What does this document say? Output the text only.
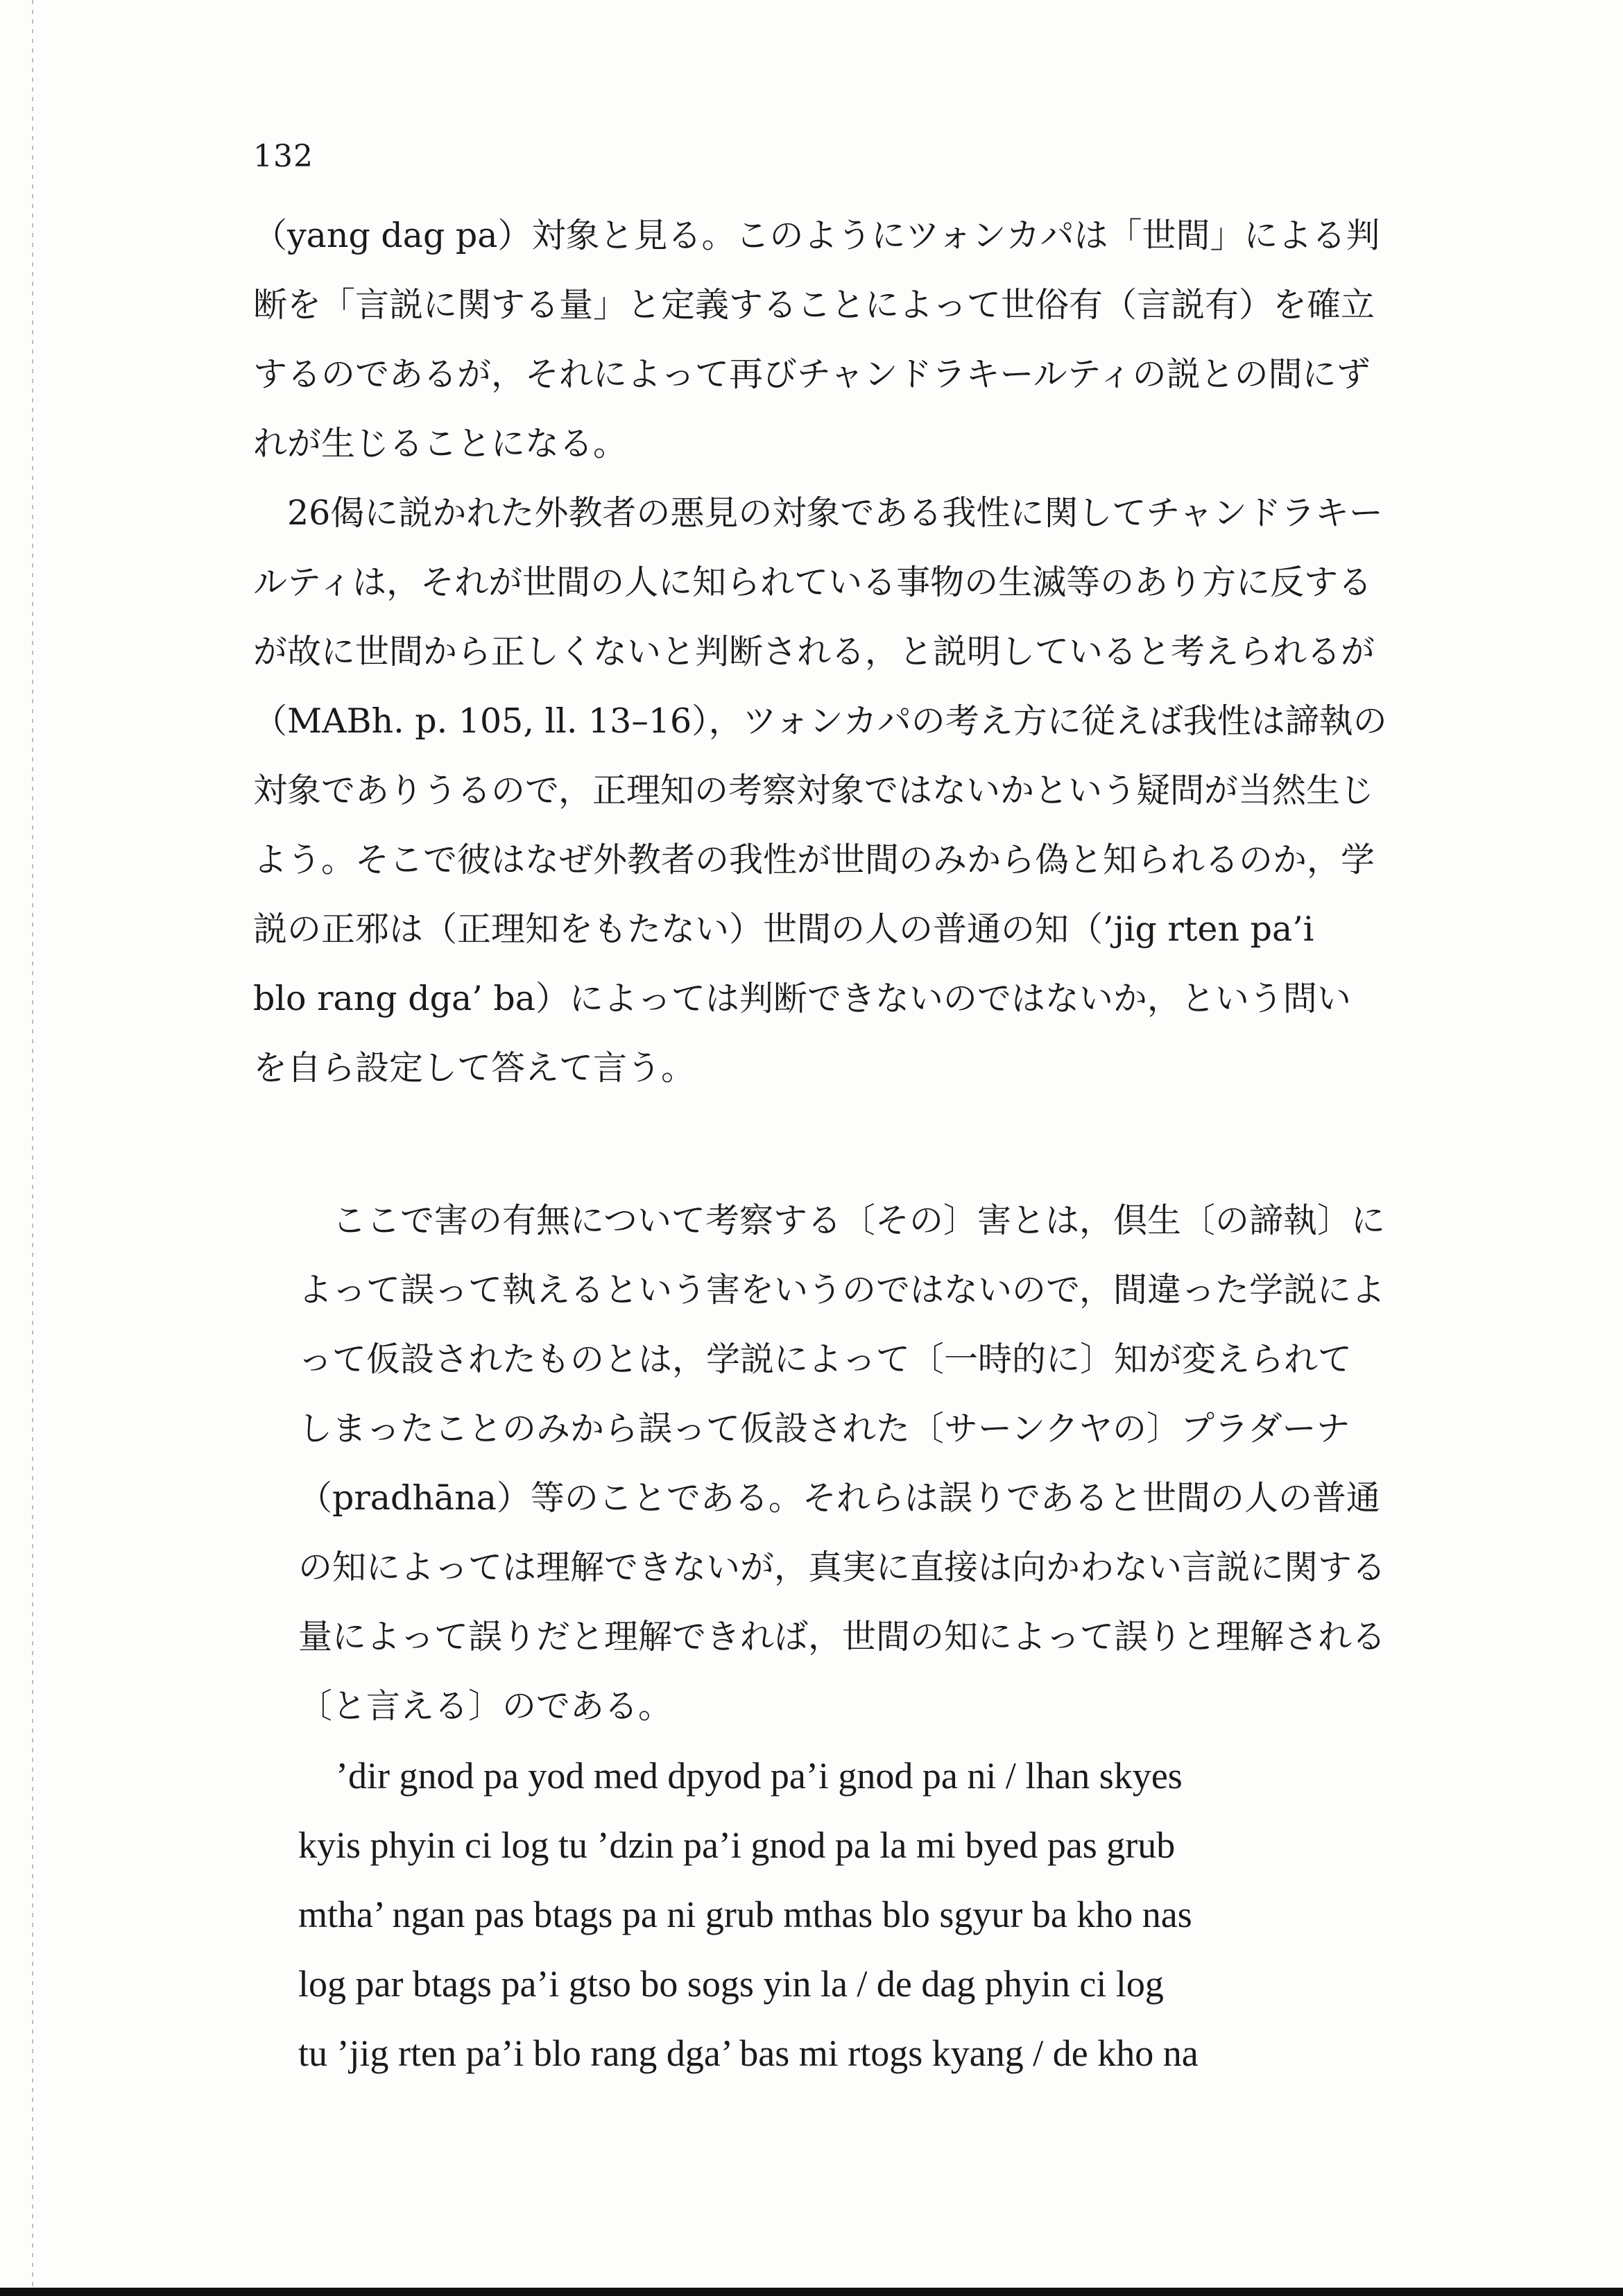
132

（yang dag pa）対象と見る。このようにツォンカパは「世間」による判
断を「言説に関する量」と定義することによって世俗有（言説有）を確立
するのであるが，それによって再びチャンドラキールティの説との間にず
れが生じることになる。

　26偈に説かれた外教者の悪見の対象である我性に関してチャンドラキー
ルティは，それが世間の人に知られている事物の生滅等のあり方に反する
が故に世間から正しくないと判断される，と説明していると考えられるが
（MABh. p. 105, ll. 13–16），ツォンカパの考え方に従えば我性は諦執の
対象でありうるので，正理知の考察対象ではないかという疑問が当然生じ
よう。そこで彼はなぜ外教者の我性が世間のみから偽と知られるのか，学
説の正邪は（正理知をもたない）世間の人の普通の知（’jig rten pa’i
blo rang dga’ ba）によっては判断できないのではないか，という問い
を自ら設定して答えて言う。

　ここで害の有無について考察する〔その〕害とは，倶生〔の諦執〕に
よって誤って執えるという害をいうのではないので，間違った学説によ
って仮設されたものとは，学説によって〔一時的に〕知が変えられて
しまったことのみから誤って仮設された〔サーンクヤの〕プラダーナ
（pradhāna）等のことである。それらは誤りであると世間の人の普通
の知によっては理解できないが，真実に直接は向かわない言説に関する
量によって誤りだと理解できれば，世間の知によって誤りと理解される
〔と言える〕のである。

　’dir gnod pa yod med dpyod pa’i gnod pa ni / lhan skyes
kyis phyin ci log tu ’dzin pa’i gnod pa la mi byed pas grub
mtha’ ngan pas btags pa ni grub mthas blo sgyur ba kho nas
log par btags pa’i gtso bo sogs yin la / de dag phyin ci log
tu ’jig rten pa’i blo rang dga’ bas mi rtogs kyang / de kho na
